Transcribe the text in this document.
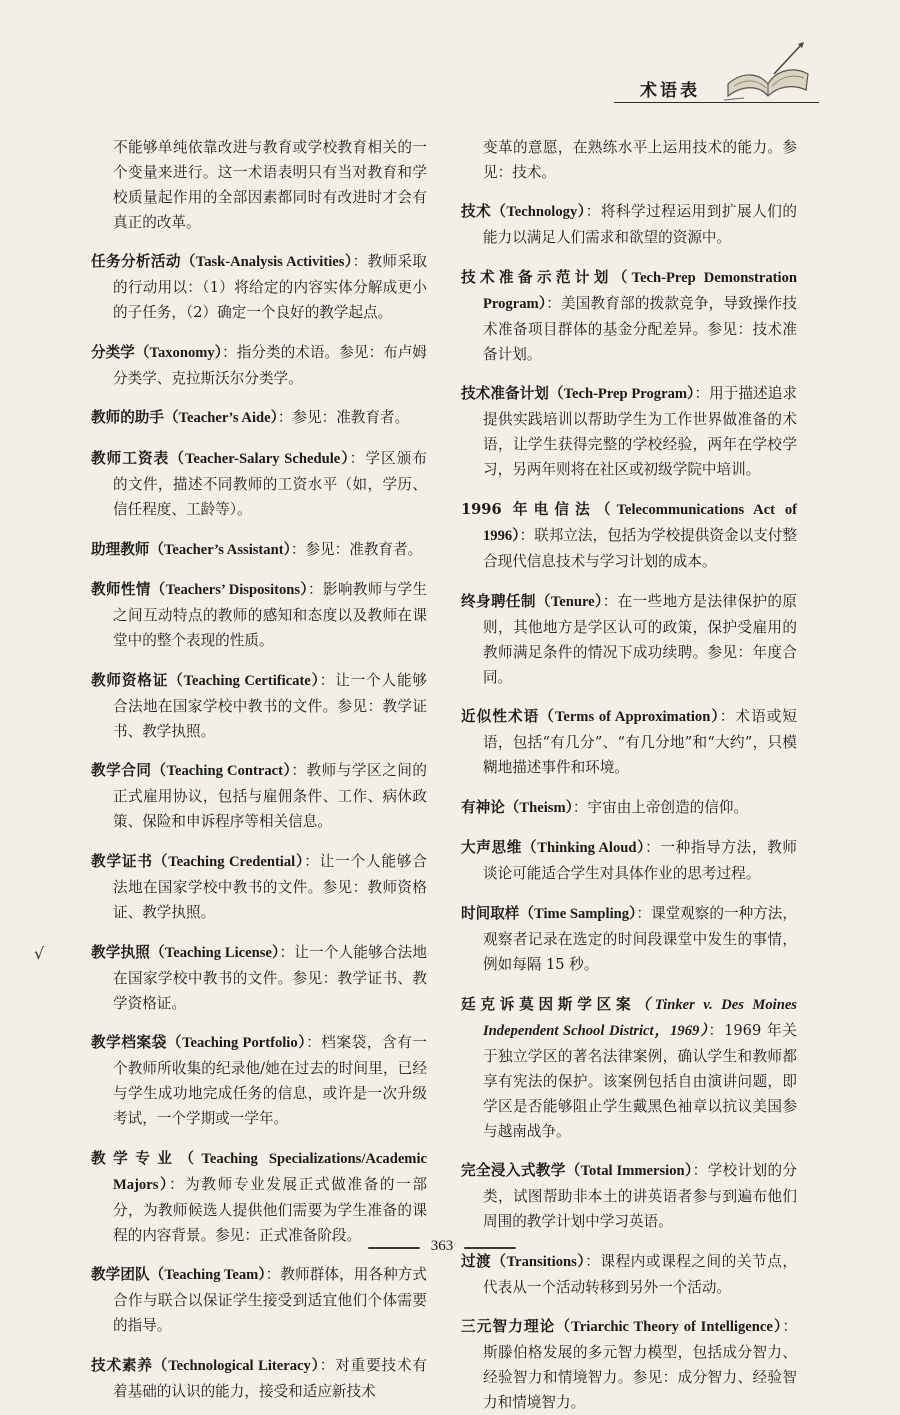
术语表

不能够单纯依靠改进与教育或学校教育相关的一个变量来进行。这一术语表明只有当对教育和学校质量起作用的全部因素都同时有改进时才会有真正的改革。

任务分析活动（Task-Analysis Activities）：教师采取的行动用以：（1）将给定的内容实体分解成更小的子任务，（2）确定一个良好的教学起点。

分类学（Taxonomy）：指分类的术语。参见：布卢姆分类学、克拉斯沃尔分类学。

教师的助手（Teacher’s Aide）：参见：准教育者。

教师工资表（Teacher-Salary Schedule）：学区颁布的文件，描述不同教师的工资水平（如，学历、信任程度、工龄等）。

助理教师（Teacher’s Assistant）：参见：准教育者。

教师性情（Teachers’ Dispositons）：影响教师与学生之间互动特点的教师的感知和态度以及教师在课堂中的整个表现的性质。

教师资格证（Teaching Certificate）：让一个人能够合法地在国家学校中教书的文件。参见：教学证书、教学执照。

教学合同（Teaching Contract）：教师与学区之间的正式雇用协议，包括与雇佣条件、工作、病休政策、保险和申诉程序等相关信息。

教学证书（Teaching Credential）：让一个人能够合法地在国家学校中教书的文件。参见：教师资格证、教学执照。

教学执照（Teaching License）：让一个人能够合法地在国家学校中教书的文件。参见：教学证书、教学资格证。

教学档案袋（Teaching Portfolio）：档案袋，含有一个教师所收集的纪录他/她在过去的时间里，已经与学生成功地完成任务的信息，或许是一次升级考试，一个学期或一学年。

教学专业（Teaching Specializations/Academic Majors）：为教师专业发展正式做准备的一部分，为教师候选人提供他们需要为学生准备的课程的内容背景。参见：正式准备阶段。

教学团队（Teaching Team）：教师群体，用各种方式合作与联合以保证学生接受到适宜他们个体需要的指导。

技术素养（Technological Literacy）：对重要技术有着基础的认识的能力，接受和适应新技术

变革的意愿，在熟练水平上运用技术的能力。参见：技术。

技术（Technology）：将科学过程运用到扩展人们的能力以满足人们需求和欲望的资源中。

技术准备示范计划（Tech-Prep Demonstration Program）：美国教育部的拨款竞争，导致操作技术准备项目群体的基金分配差异。参见：技术准备计划。

技术准备计划（Tech-Prep Program）：用于描述追求提供实践培训以帮助学生为工作世界做准备的术语，让学生获得完整的学校经验，两年在学校学习，另两年则将在社区或初级学院中培训。

1996 年电信法（Telecommunications Act of 1996）：联邦立法，包括为学校提供资金以支付整合现代信息技术与学习计划的成本。

终身聘任制（Tenure）：在一些地方是法律保护的原则，其他地方是学区认可的政策，保护受雇用的教师满足条件的情况下成功续聘。参见：年度合同。

近似性术语（Terms of Approximation）：术语或短语，包括“有几分”、“有几分地”和“大约”，只模糊地描述事件和环境。

有神论（Theism）：宇宙由上帝创造的信仰。

大声思维（Thinking Aloud）：一种指导方法，教师谈论可能适合学生对具体作业的思考过程。

时间取样（Time Sampling）：课堂观察的一种方法，观察者记录在选定的时间段课堂中发生的事情，例如每隔 15 秒。

廷克诉莫因斯学区案（Tinker v. Des Moines Independent School District，1969）：1969 年关于独立学区的著名法律案例，确认学生和教师都享有宪法的保护。该案例包括自由演讲问题，即学区是否能够阻止学生戴黑色袖章以抗议美国参与越南战争。

完全浸入式教学（Total Immersion）：学校计划的分类，试图帮助非本土的讲英语者参与到遍布他们周围的教学计划中学习英语。

过渡（Transitions）：课程内或课程之间的关节点，代表从一个活动转移到另外一个活动。

三元智力理论（Triarchic Theory of Intelligence）：斯滕伯格发展的多元智力模型，包括成分智力、经验智力和情境智力。参见：成分智力、经验智力和情境智力。

√
363
